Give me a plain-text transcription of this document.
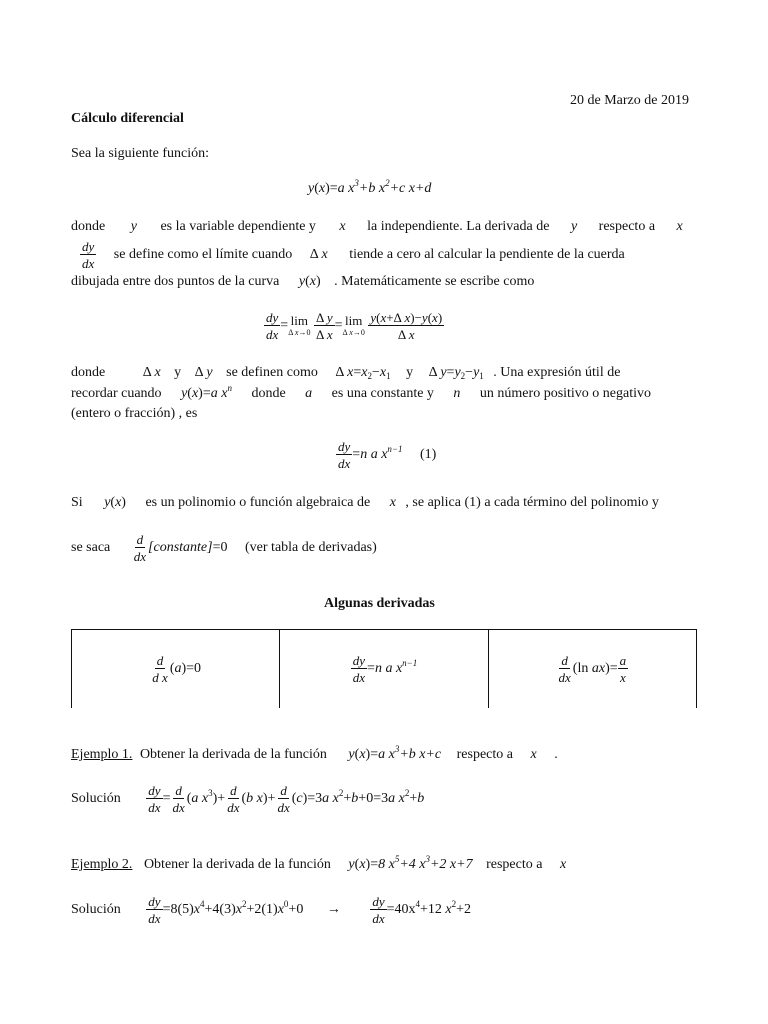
20 de Marzo de 2019
Cálculo diferencial
Sea la siguiente función:
y(x)=a $x^3+b$ $x^2+c$ x+d
donde y es la variable dependiente y x la independiente. La derivada de y respecto a x
$\frac{dy}{dx}$ se define como el límite cuando Δ x tiende a cero al calcular la pendiente de la cuerda
dibujada entre dos puntos de la curva y(x) . Matemáticamente se escribe como
$\frac{dy}{dx} = \lim$
Δ x→0
$\frac{\text{Δ y}}{\text{Δ x}} = \lim$
Δ x→0
$\frac{\text{y(x+Δ x)−y(x)}}{\text{Δ x}}$
donde	Δ x y Δ y se definen como Δ $x=x_2-x_1$ y Δ $y=y_2-y_1$ . Una expresión útil de
recordar cuando y(x)=a $x^n$ donde a es una constante y n un número positivo o negativo
(entero o fracción) , es
$\frac{dy}{dx} =n$ a $x^{n-1}$ (1)
Si y(x) es un polinomio o función algebraica de x , se aplica (1) a cada término del polinomio y
se saca $\frac{d}{dx}$ [constante]=0 (ver tabla de derivadas)
Algunas derivadas
$\frac{d}{\text{d x}} (a)=0$	$\frac{dy}{dx} =n$ a $x^{n-1}$	$\frac{d}{dx} (\ln$ $ax)= \frac{a}{x}$
Ejemplo 1. Obtener la derivada de la función y(x)=a $x^3+b$ x+c respecto a x .
Solución $\frac{dy}{dx} = \frac{d}{dx} (a$ $x^3)+ \frac{d}{dx} (b$ $x)+ \frac{d}{dx} (c)=3a$ $x^2+b+0=3a$ $x^2+b$
Ejemplo 2. Obtener la derivada de la función y(x)=8 $x^5+4$ $x^3+2$ x+7 respecto a x
Solución $\frac{dy}{dx} =8(5)x^4+4(3)x^2+2(1)x^0+0 \to \frac{dy}{dx} =40x^4+12$ $x^2+2$
